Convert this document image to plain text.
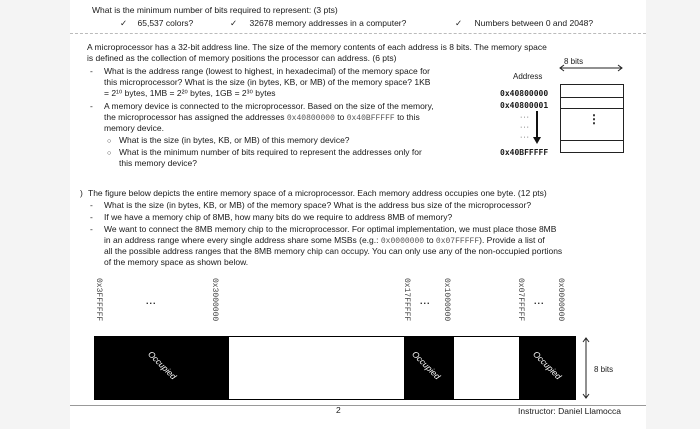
What is the minimum number of bits required to represent: (3 pts)
✓ 65,537 colors?	✓ 32678 memory addresses in a computer?	✓ Numbers between 0 and 2048?
A microprocessor has a 32-bit address line. The size of the memory contents of each address is 8 bits. The memory space
is defined as the collection of memory positions the processor can address. (6 pts)
- What is the address range (lowest to highest, in hexadecimal) of the memory space for
this microprocessor? What is the size (in bytes, KB, or MB) of the memory space? 1KB
= 2¹⁰ bytes, 1MB = 2²⁰ bytes, 1GB = 2³⁰ bytes
- A memory device is connected to the microprocessor. Based on the size of the memory,
the microprocessor has assigned the addresses 0x40800000 to 0x40BFFFFF to this
memory device.
○ What is the size (in bytes, KB, or MB) of this memory device?
○ What is the minimum number of bits required to represent the addresses only for
this memory device?
8 bits
Address
0x40800000
0x40800001
···
···
···
0x40BFFFFF
⋮
) The figure below depicts the entire memory space of a microprocessor. Each memory address occupies one byte. (12 pts)
- What is the size (in bytes, KB, or MB) of the memory space? What is the address bus size of the microprocessor?
- If we have a memory chip of 8MB, how many bits do we require to address 8MB of memory?
- We want to connect the 8MB memory chip to the microprocessor. For optimal implementation, we must place those 8MB
in an address range where every single address share some MSBs (e.g.: 0x0000000 to 0x07FFFFF). Provide a list of
all the possible address ranges that the 8MB memory chip can occupy. You can only use any of the non-occupied portions
of the memory space as shown below.
0x3FFFFFF	...	0x3000000	0x17FFFFF ... 0x1000000	0x07FFFFF ... 0x0000000
Occupied	Occupied	Occupied	8 bits
2	Instructor: Daniel Llamocca
